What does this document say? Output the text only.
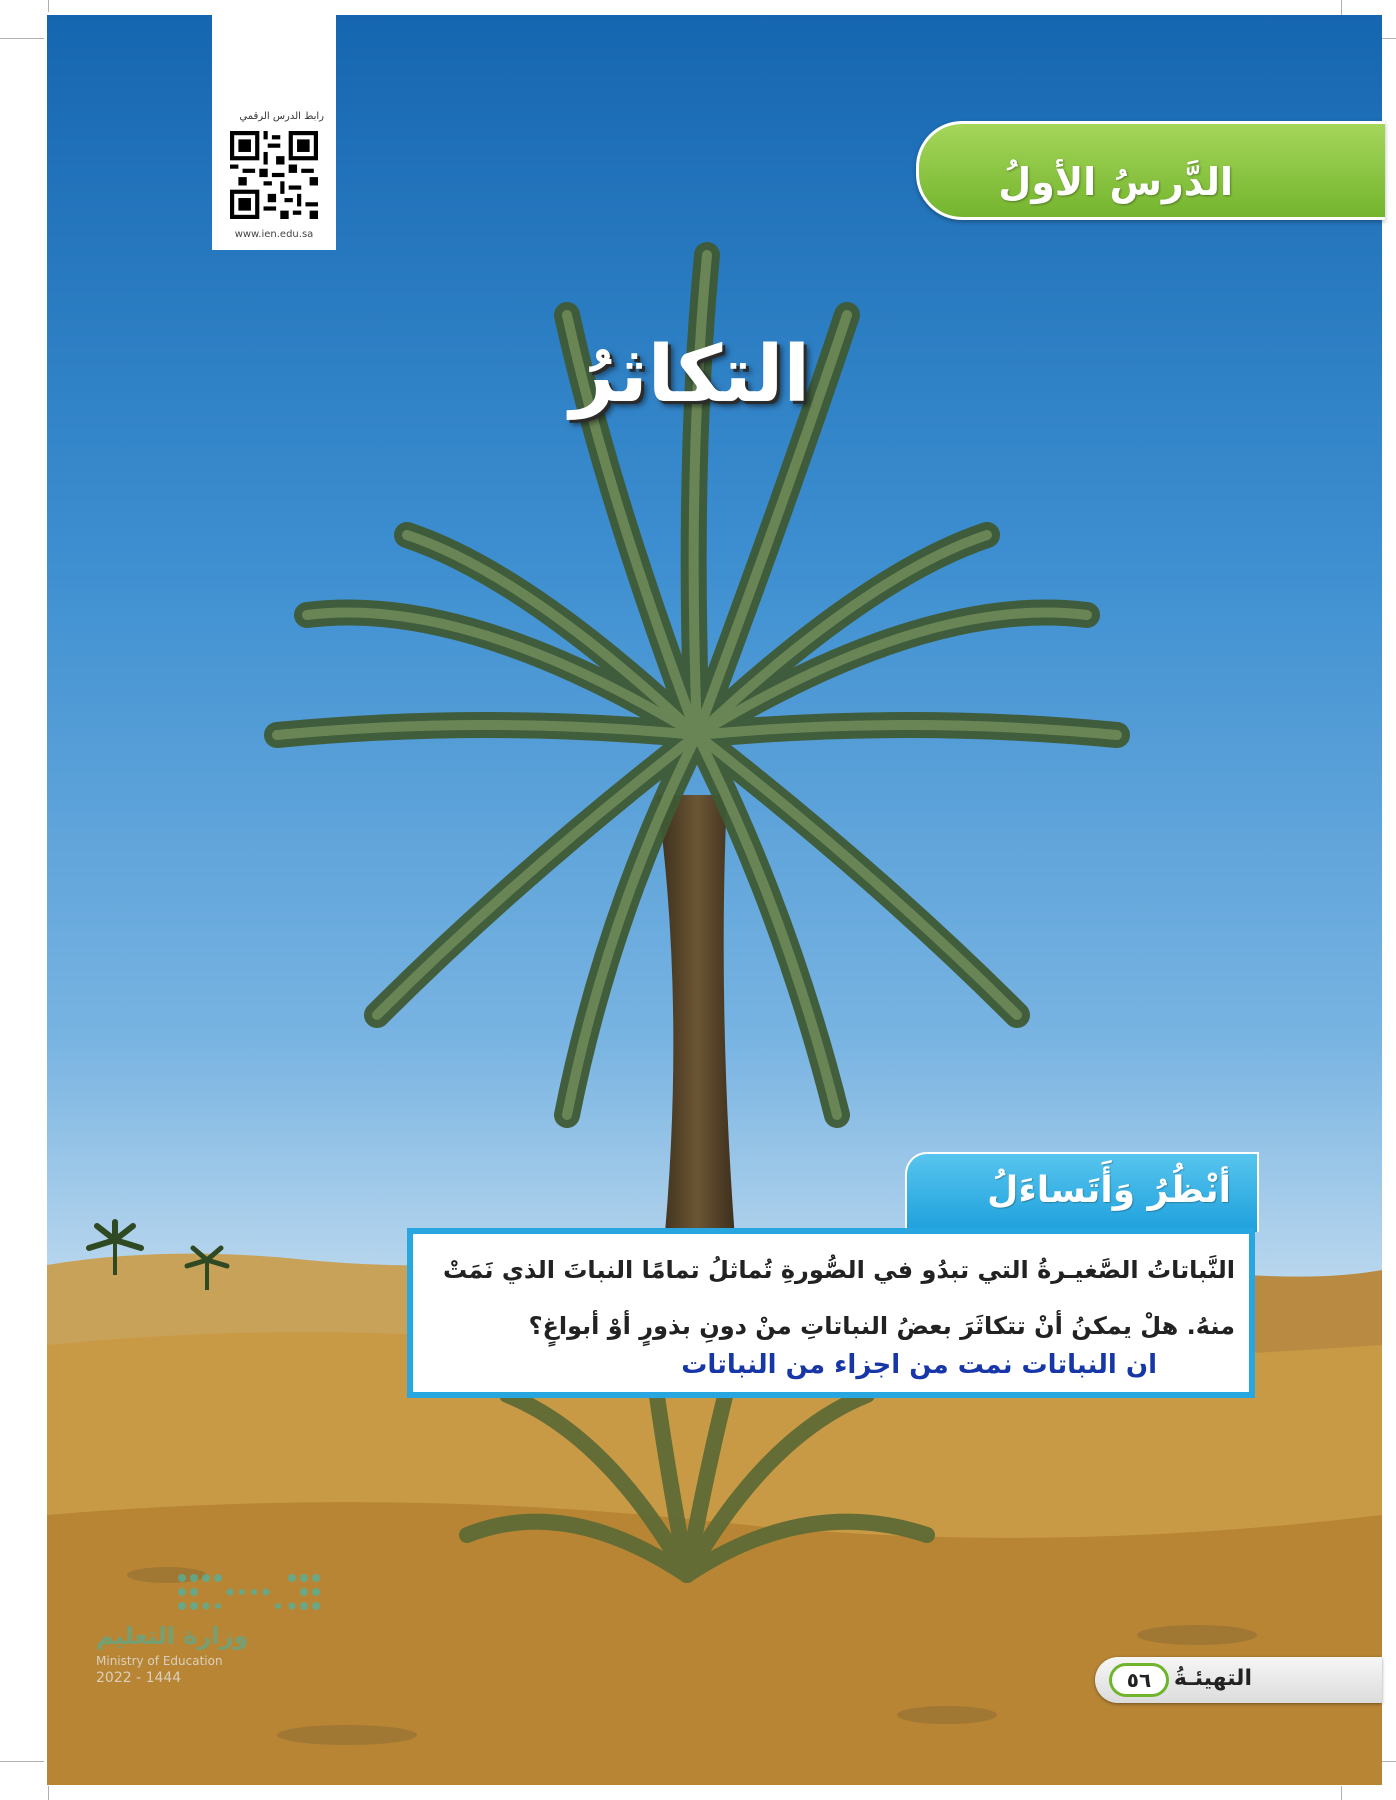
رابط الدرس الرقمي
www.ien.edu.sa
الدَّرسُ الأولُ
التكاثرُ
أنْظُرُ وَأَتَساءَلُ
النَّباتاتُ الصَّغيـرةُ التي تبدُو في الصُّورةِ تُماثلُ تمامًا النباتَ الذي نَمَتْ
منهُ. هلْ يمكنُ أنْ تتكاثَرَ بعضُ النباتاتِ منْ دونِ بذورٍ أوْ أبواغٍ؟
ان النباتات نمت من اجزاء من النباتات
وزارة التعليم
Ministry of Education
2022 - 1444	التهيئـةُ
٥٦
